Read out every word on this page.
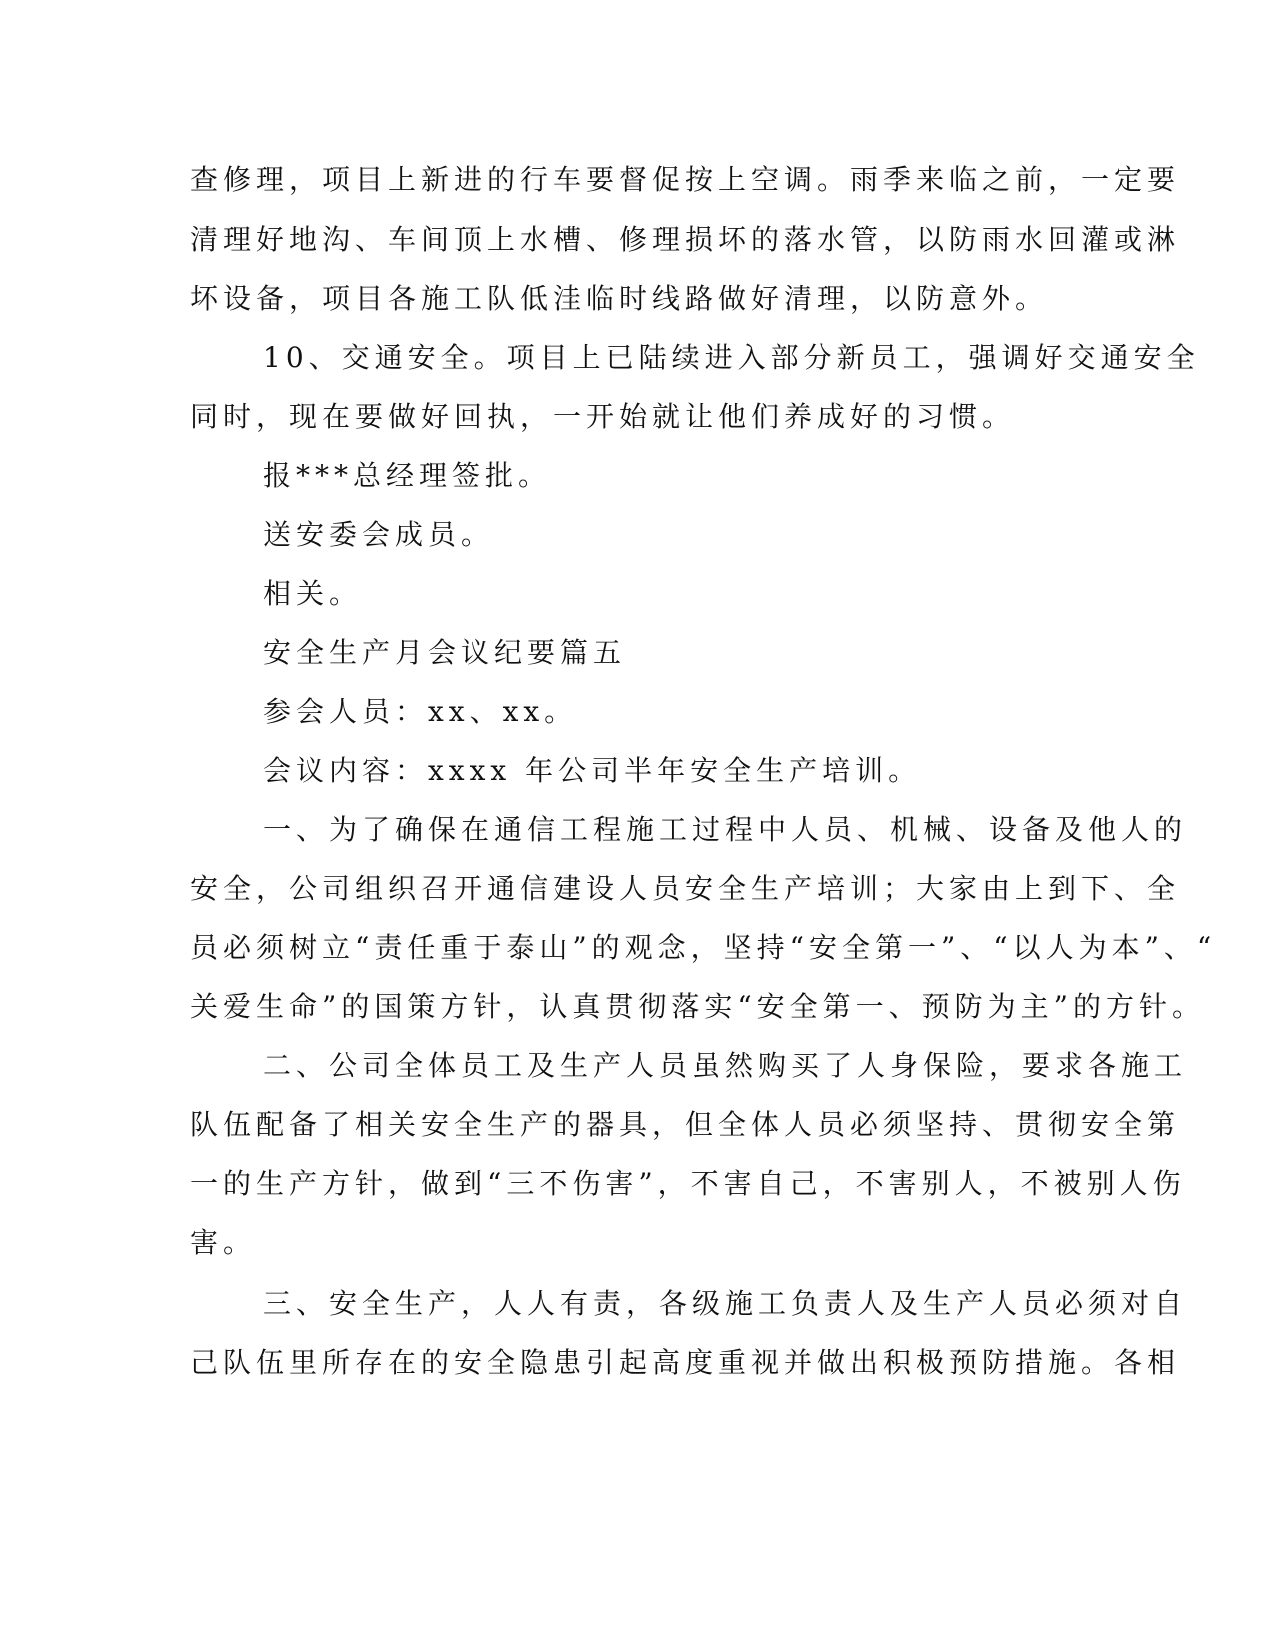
查修理，项目上新进的行车要督促按上空调。雨季来临之前，一定要
清理好地沟、车间顶上水槽、修理损坏的落水管，以防雨水回灌或淋
坏设备，项目各施工队低洼临时线路做好清理，以防意外。
10、交通安全。项目上已陆续进入部分新员工，强调好交通安全
同时，现在要做好回执，一开始就让他们养成好的习惯。
报***总经理签批。
送安委会成员。
相关。
安全生产月会议纪要篇五
参会人员：xx、xx。
会议内容：xxxx 年公司半年安全生产培训。
一、为了确保在通信工程施工过程中人员、机械、设备及他人的
安全，公司组织召开通信建设人员安全生产培训；大家由上到下、全
员必须树立“责任重于泰山”的观念，坚持“安全第一”、“以人为本”、“
关爱生命”的国策方针，认真贯彻落实“安全第一、预防为主”的方针。
二、公司全体员工及生产人员虽然购买了人身保险，要求各施工
队伍配备了相关安全生产的器具，但全体人员必须坚持、贯彻安全第
一的生产方针，做到“三不伤害”，不害自己，不害别人，不被别人伤
害。
三、安全生产，人人有责，各级施工负责人及生产人员必须对自
己队伍里所存在的安全隐患引起高度重视并做出积极预防措施。各相
